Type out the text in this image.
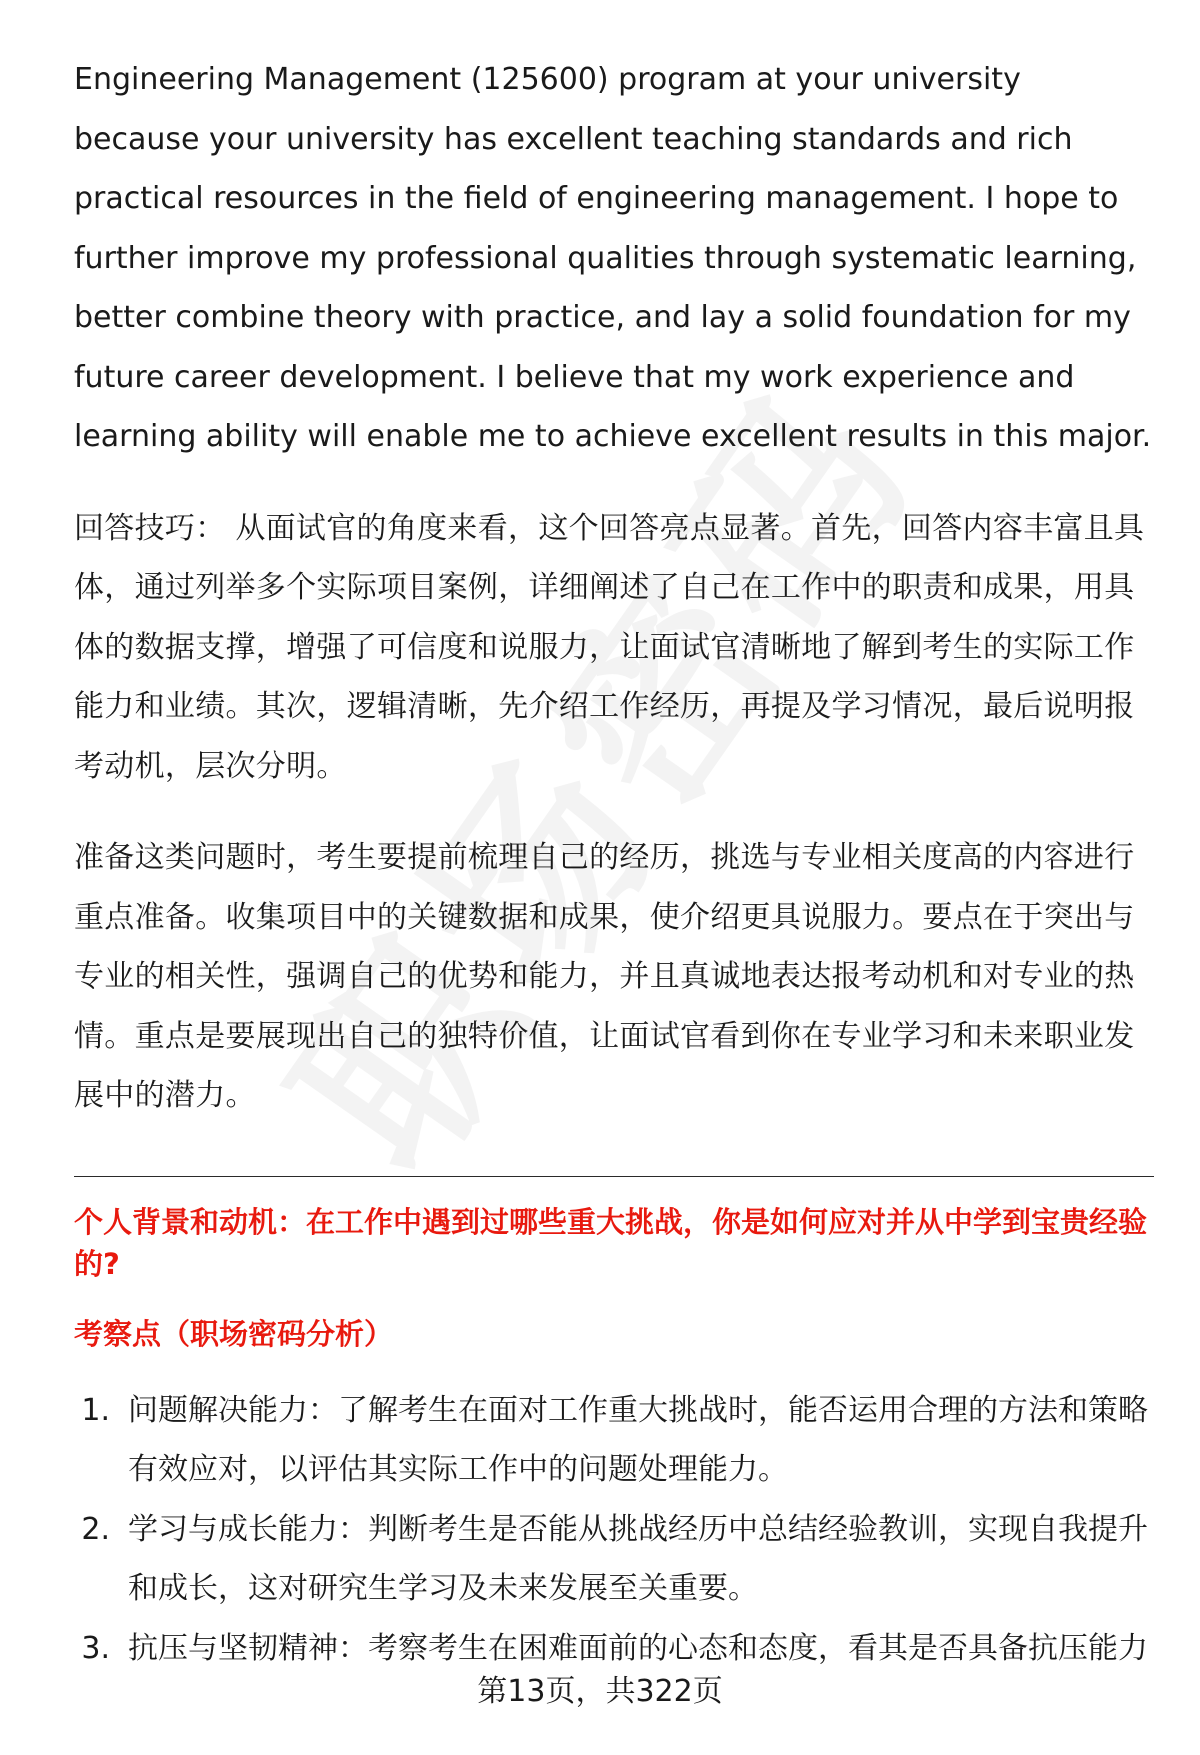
Engineering Management (125600) program at your university because your university has excellent teaching standards and rich practical resources in the field of engineering management. I hope to further improve my professional qualities through systematic learning, better combine theory with practice, and lay a solid foundation for my future career development. I believe that my work experience and learning ability will enable me to achieve excellent results in this major.

回答技巧： 从面试官的角度来看，这个回答亮点显著。首先，回答内容丰富且具体，通过列举多个实际项目案例，详细阐述了自己在工作中的职责和成果，用具体的数据支撑，增强了可信度和说服力，让面试官清晰地了解到考生的实际工作能力和业绩。其次，逻辑清晰，先介绍工作经历，再提及学习情况，最后说明报考动机，层次分明。

准备这类问题时，考生要提前梳理自己的经历，挑选与专业相关度高的内容进行重点准备。收集项目中的关键数据和成果，使介绍更具说服力。要点在于突出与专业的相关性，强调自己的优势和能力，并且真诚地表达报考动机和对专业的热情。重点是要展现出自己的独特价值，让面试官看到你在专业学习和未来职业发展中的潜力。

个人背景和动机：在工作中遇到过哪些重大挑战，你是如何应对并从中学到宝贵经验的?
考察点（职场密码分析）
1. 问题解决能力：了解考生在面对工作重大挑战时，能否运用合理的方法和策略有效应对，以评估其实际工作中的问题处理能力。
2. 学习与成长能力：判断考生是否能从挑战经历中总结经验教训，实现自我提升和成长，这对研究生学习及未来发展至关重要。
3. 抗压与坚韧精神：考察考生在困难面前的心态和态度，看其是否具备抗压能力
第13页，共322页
